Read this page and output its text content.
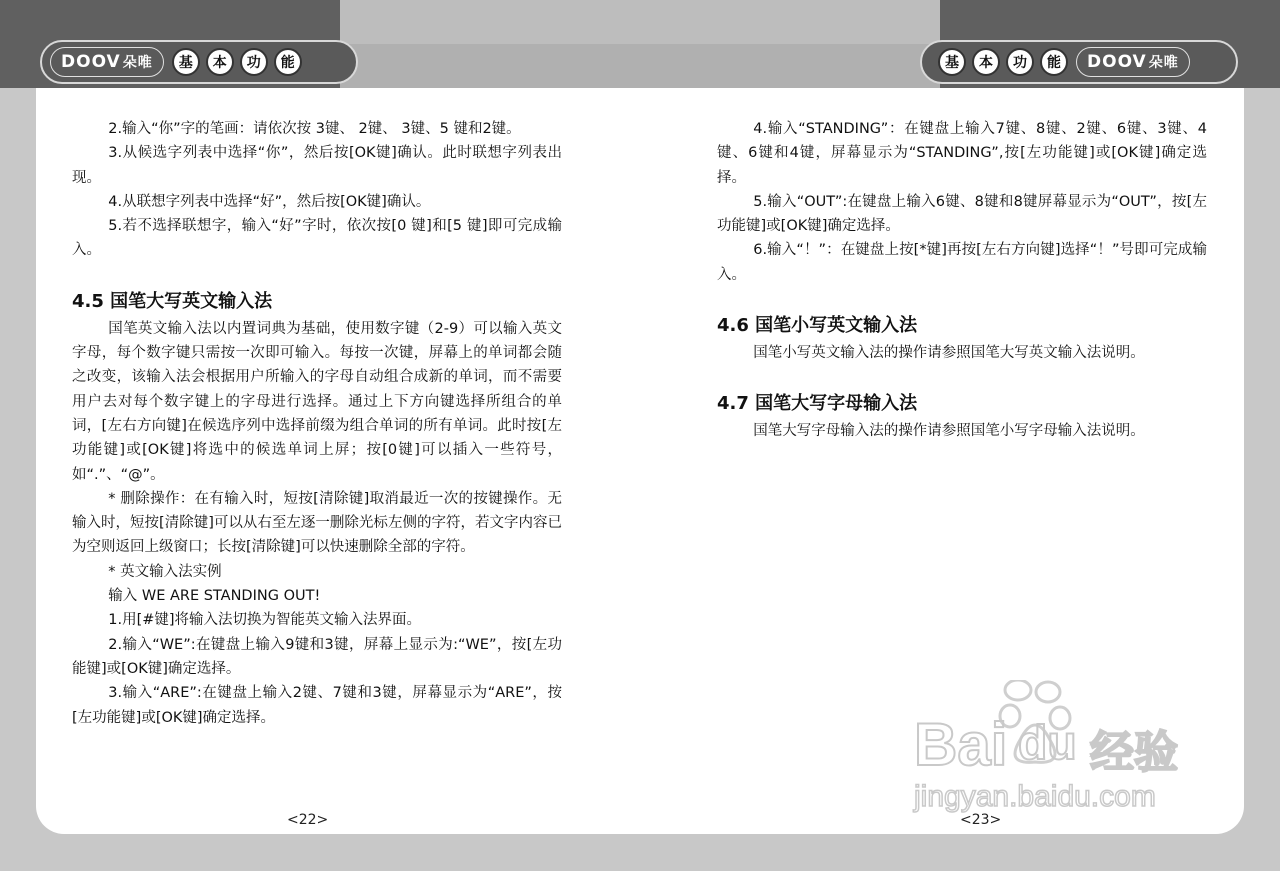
DOOV 朵唯	基	本	功	能	基	本	功	能	DOOV 朵唯
2.输入“你”字的笔画：请依次按 3键、 2键、 3键、5 键和2键。
3.从候选字列表中选择“你”，然后按[OK键]确认。此时联想字列表出现。
4.从联想字列表中选择“好”，然后按[OK键]确认。
5.若不选择联想字，输入“好”字时，依次按[0 键]和[5 键]即可完成输入。
4.5 国笔大写英文输入法
国笔英文输入法以内置词典为基础，使用数字键（2-9）可以输入英文字母，每个数字键只需按一次即可输入。每按一次键，屏幕上的单词都会随之改变，该输入法会根据用户所输入的字母自动组合成新的单词，而不需要用户去对每个数字键上的字母进行选择。通过上下方向键选择所组合的单词，[左右方向键]在候选序列中选择前缀为组合单词的所有单词。此时按[左功能键]或[OK键]将选中的候选单词上屏；按[0键]可以插入一些符号，如“.”、“@”。
* 删除操作：在有输入时，短按[清除键]取消最近一次的按键操作。无输入时，短按[清除键]可以从右至左逐一删除光标左侧的字符，若文字内容已为空则返回上级窗口；长按[清除键]可以快速删除全部的字符。
* 英文输入法实例
输入 WE ARE STANDING OUT!
1.用[#键]将输入法切换为智能英文输入法界面。
2.输入“WE”:在键盘上输入9键和3键，屏幕上显示为:“WE”，按[左功能键]或[OK键]确定选择。
3.输入“ARE”:在键盘上输入2键、7键和3键，屏幕显示为“ARE”，按[左功能键]或[OK键]确定选择。
<22>
4.输入“STANDING”：在键盘上输入7键、8键、2键、6键、3键、4键、6键和4键，屏幕显示为“STANDING”,按[左功能键]或[OK键]确定选择。
5.输入“OUT”:在键盘上输入6键、8键和8键屏幕显示为“OUT”，按[左功能键]或[OK键]确定选择。
6.输入“！”：在键盘上按[*键]再按[左右方向键]选择“！”号即可完成输入。
4.6 国笔小写英文输入法
国笔小写英文输入法的操作请参照国笔大写英文输入法说明。
4.7 国笔大写字母输入法
国笔大写字母输入法的操作请参照国笔小写字母输入法说明。
<23>
Bai du 经验
jingyan.baidu.com
